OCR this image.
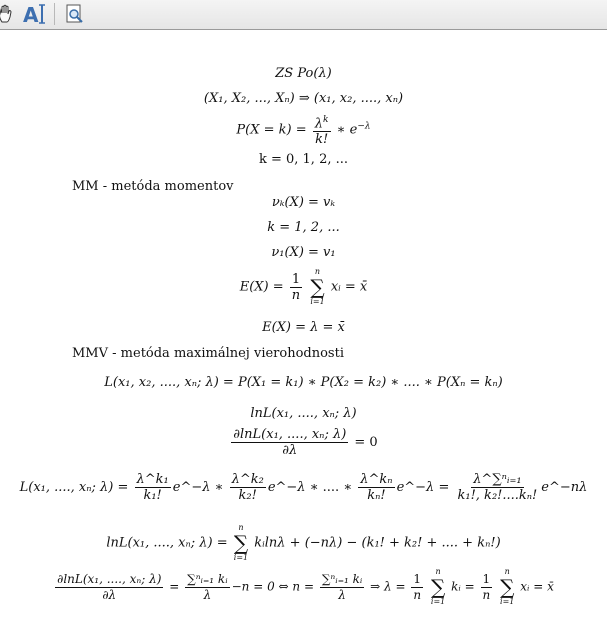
A
ZS Po(λ)
(X₁, X₂, ..., Xₙ) ⇒ (x₁, x₂, ...., xₙ)
$P(X = k) = \frac{\lambda^k}{k!}$ ∗ $e^{-\lambda}$
k = 0, 1, 2, ...
MM - metóda momentov
νₖ(X) = vₖ
k = 1, 2, ...
ν₁(X) = v₁
$E(X) = \frac{1}{n}$
n
∑
i=1
xᵢ = x̄
E(X) = λ = x̄
MMV - metóda maximálnej vierohodnosti
L(x₁, x₂, ...., xₙ; λ) = P(X₁ = k₁) ∗ P(X₂ = k₂) ∗ .... ∗ P(Xₙ = kₙ)
lnL(x₁, ...., xₙ; λ)
$\frac{\text{∂lnL(x₁, ...., xₙ; λ)}}{\partial\lambda} = 0$
L(x₁, ...., xₙ; $\lambda) = \frac{\text{λ\textasciicircum{}k₁}}{\text{k₁!}}$ e^−λ ∗ $\frac{\text{λ\textasciicircum{}k₂}}{\text{k₂!}}$ e^−λ ∗ .... ∗ $\frac{\text{λ\textasciicircum{}kₙ}}{\text{kₙ!}}$ e^−λ = $\frac{\text{λ\textasciicircum{}∑ⁿᵢ₌₁}}{\text{k₁!, k₂!....kₙ!}}$ e^−nλ
lnL(x₁, ...., xₙ; λ) =
n
∑
i=1
kᵢlnλ + (−nλ) − (k₁! + k₂! + .... + kₙ!)
$\frac{\text{∂lnL(x₁, ...., xₙ; λ)}}{\partial\lambda} = \frac{\text{∑ⁿᵢ₌₁ kᵢ}}{\lambda} -n = 0$ ⇔ $n = \frac{\text{∑ⁿᵢ₌₁ kᵢ}}{\lambda}$ ⇒ $\lambda = \frac{1}{n}$
n
∑
i=1
kᵢ = $\frac{1}{n}$
n
∑
i=1
xᵢ = x̄
